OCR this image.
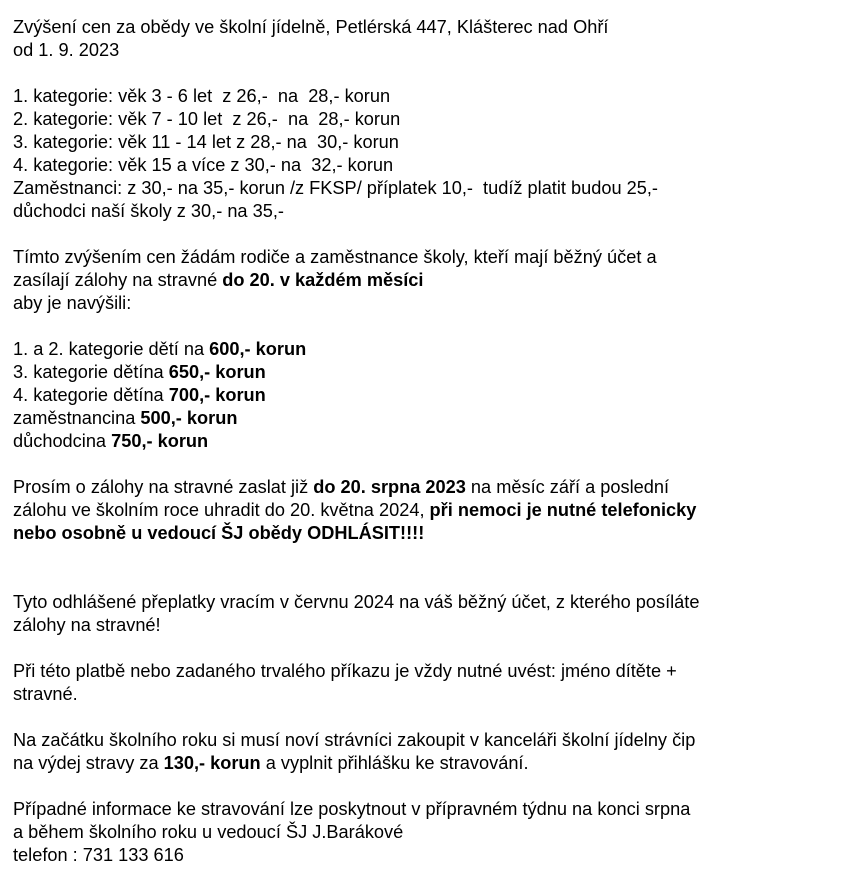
Zvýšení cen za obědy ve školní jídelně, Petlérská 447, Klášterec nad Ohří
od 1. 9. 2023
1. kategorie: věk 3 - 6 let  z 26,-  na  28,- korun
2. kategorie: věk 7 - 10 let  z 26,-  na  28,- korun
3. kategorie: věk 11 - 14 let z 28,- na  30,- korun
4. kategorie: věk 15 a více z 30,- na  32,- korun
Zaměstnanci: z 30,- na 35,- korun /z FKSP/ příplatek 10,-  tudíž platit budou 25,-
důchodci naší školy z 30,- na 35,-
Tímto zvýšením cen žádám rodiče a zaměstnance školy, kteří mají běžný účet a
zasílají zálohy na stravné do 20. v každém měsíci
aby je navýšili:
1. a 2. kategorie dětí na 600,- korun
3. kategorie dětína 650,- korun
4. kategorie dětína 700,- korun
zaměstnancina 500,- korun
důchodcina 750,- korun
Prosím o zálohy na stravné zaslat již do 20. srpna 2023 na měsíc září a poslední
zálohu ve školním roce uhradit do 20. května 2024, při nemoci je nutné telefonicky
nebo osobně u vedoucí ŠJ obědy ODHLÁSIT!!!!
Tyto odhlášené přeplatky vracím v červnu 2024 na váš běžný účet, z kterého posíláte
zálohy na stravné!
Při této platbě nebo zadaného trvalého příkazu je vždy nutné uvést: jméno dítěte +
stravné.
Na začátku školního roku si musí noví strávníci zakoupit v kanceláři školní jídelny čip
na výdej stravy za 130,- korun a vyplnit přihlášku ke stravování.
Případné informace ke stravování lze poskytnout v přípravném týdnu na konci srpna
a během školního roku u vedoucí ŠJ J.Barákové
telefon : 731 133 616
